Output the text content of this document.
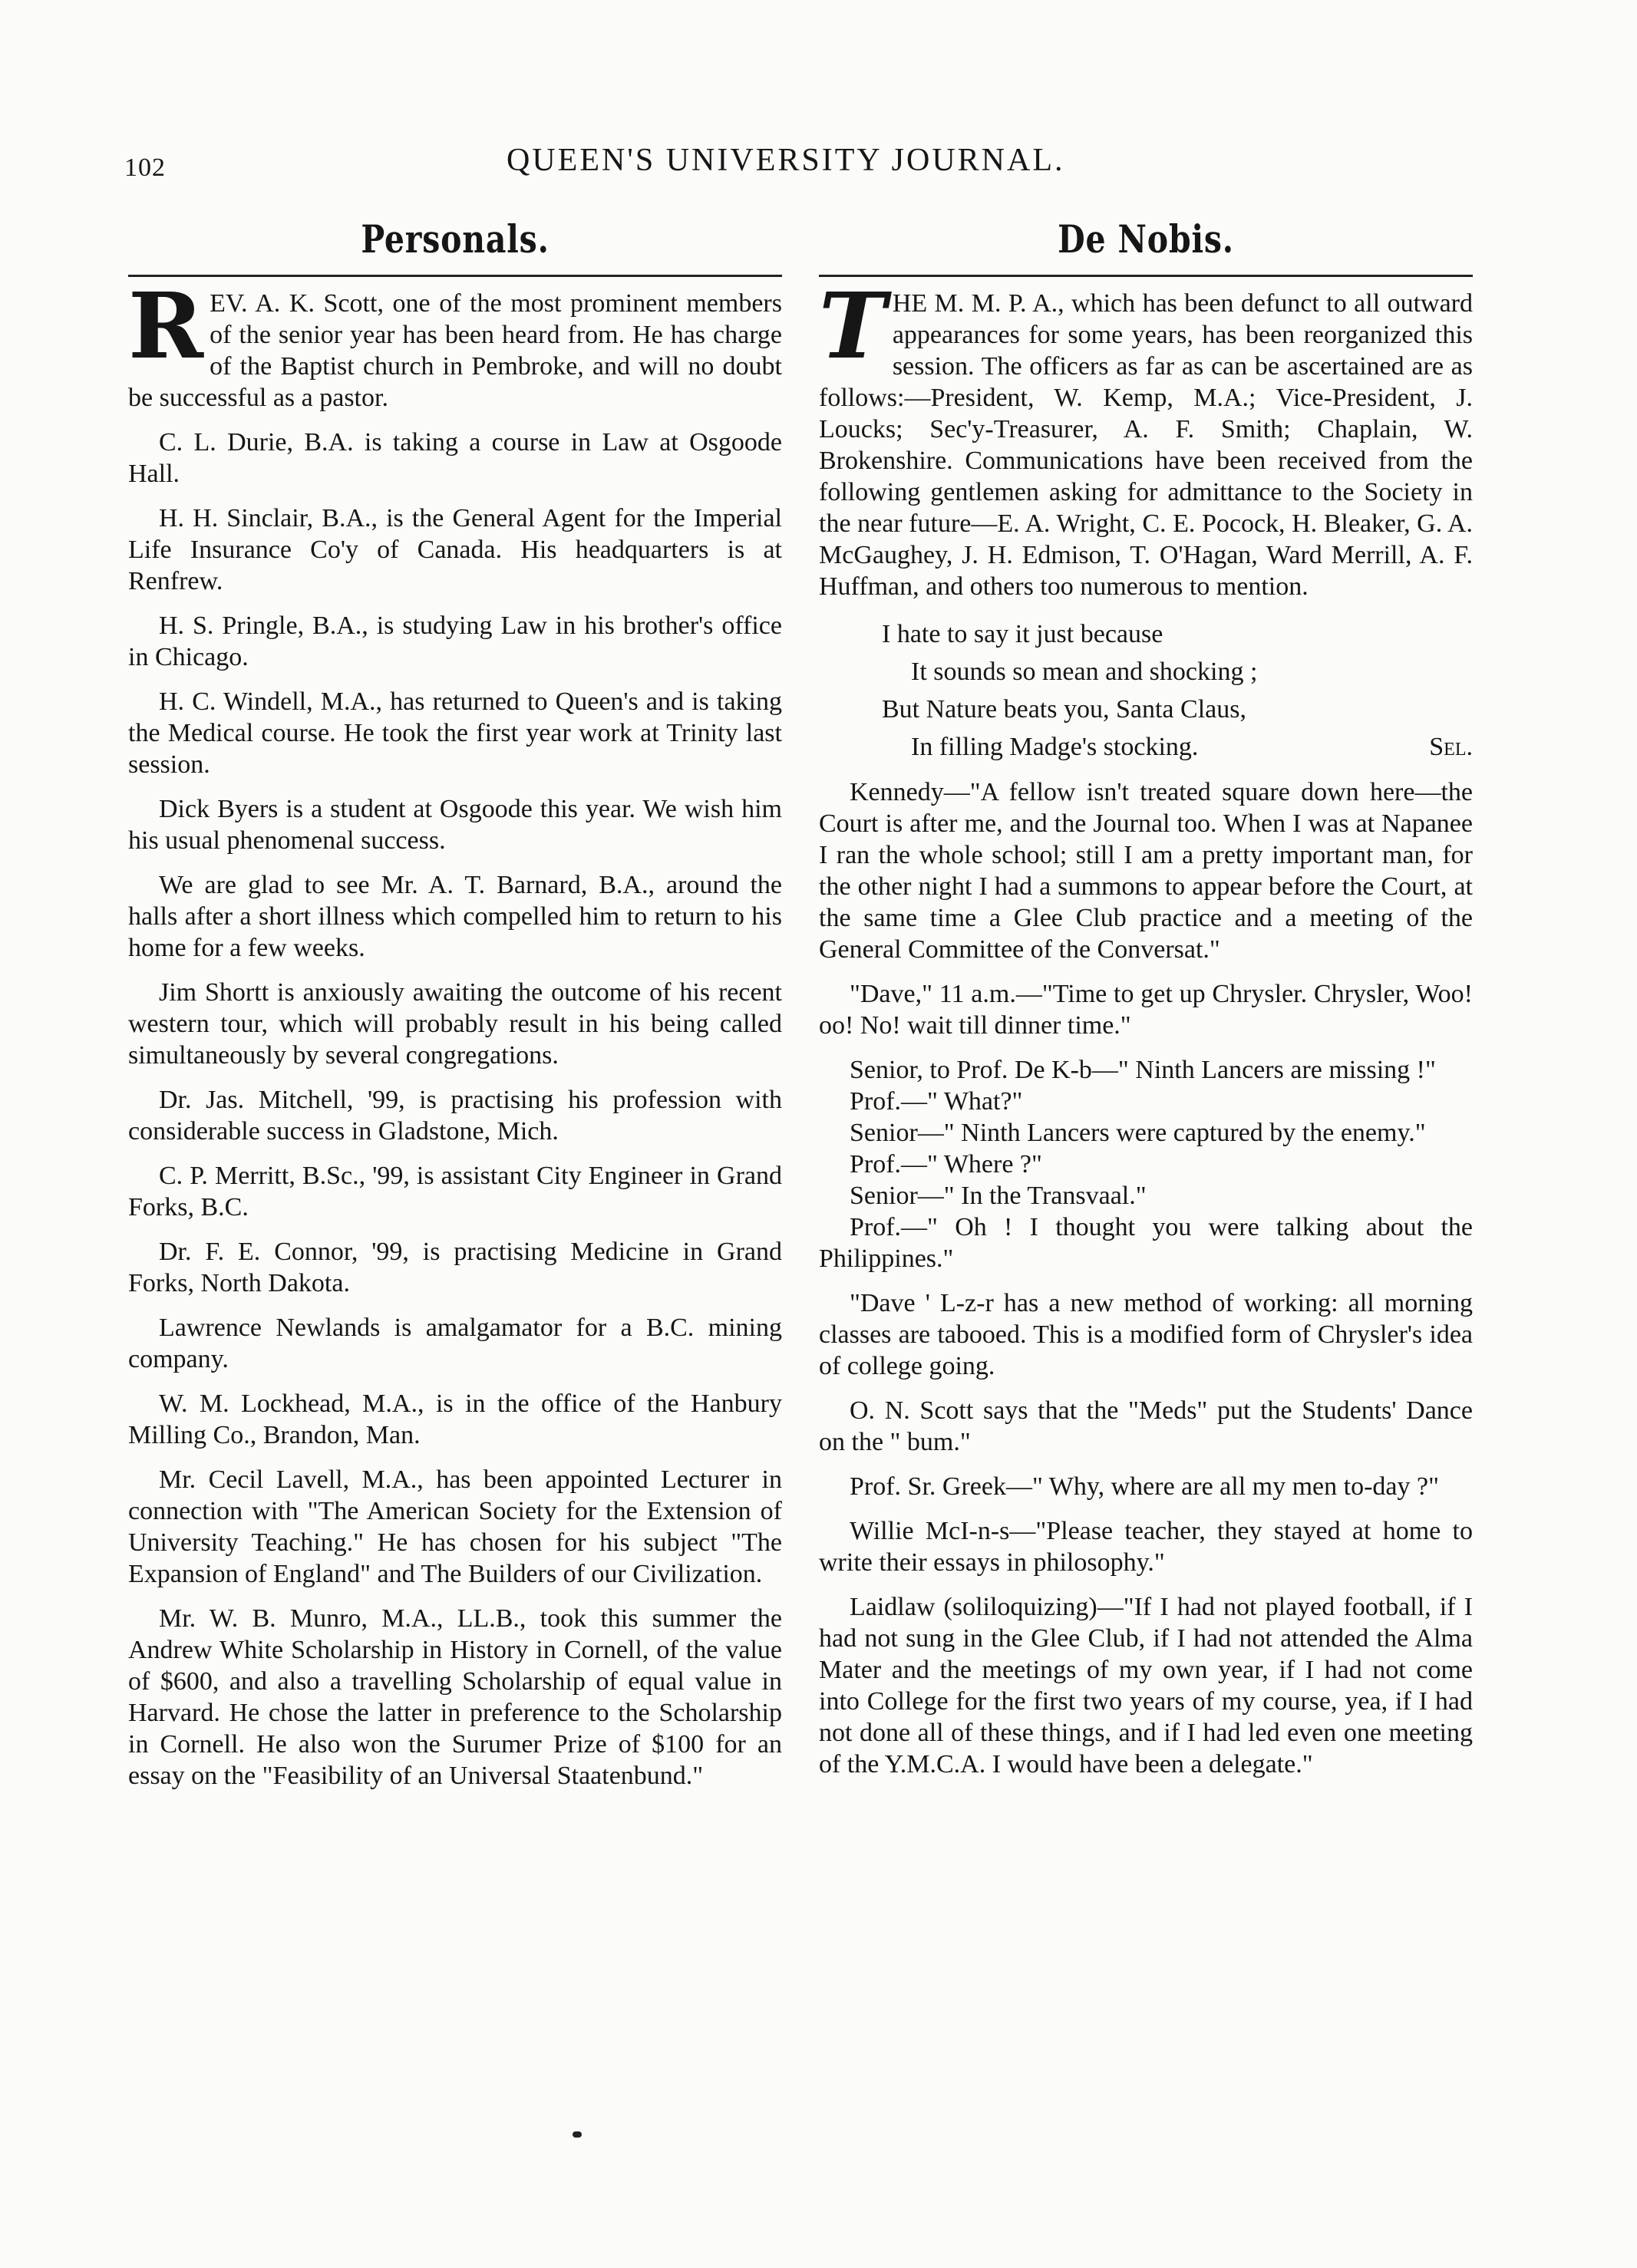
102	QUEEN'S UNIVERSITY JOURNAL.
Personals.

REV. A. K. Scott, one of the most prominent members of the senior year has been heard from. He has charge of the Baptist church in Pembroke, and will no doubt be successful as a pastor.

C. L. Durie, B.A. is taking a course in Law at Osgoode Hall.

H. H. Sinclair, B.A., is the General Agent for the Imperial Life Insurance Co'y of Canada. His headquarters is at Renfrew.

H. S. Pringle, B.A., is studying Law in his brother's office in Chicago.

H. C. Windell, M.A., has returned to Queen's and is taking the Medical course. He took the first year work at Trinity last session.

Dick Byers is a student at Osgoode this year. We wish him his usual phenomenal success.

We are glad to see Mr. A. T. Barnard, B.A., around the halls after a short illness which compelled him to return to his home for a few weeks.

Jim Shortt is anxiously awaiting the outcome of his recent western tour, which will probably result in his being called simultaneously by several congregations.

Dr. Jas. Mitchell, '99, is practising his profession with considerable success in Gladstone, Mich.

C. P. Merritt, B.Sc., '99, is assistant City Engineer in Grand Forks, B.C.

Dr. F. E. Connor, '99, is practising Medicine in Grand Forks, North Dakota.

Lawrence Newlands is amalgamator for a B.C. mining company.

W. M. Lockhead, M.A., is in the office of the Hanbury Milling Co., Brandon, Man.

Mr. Cecil Lavell, M.A., has been appointed Lecturer in connection with "The American Society for the Extension of University Teaching." He has chosen for his subject "The Expansion of England" and The Builders of our Civilization.

Mr. W. B. Munro, M.A., LL.B., took this summer the Andrew White Scholarship in History in Cornell, of the value of $600, and also a travelling Scholarship of equal value in Harvard. He chose the latter in preference to the Scholarship in Cornell. He also won the Surumer Prize of $100 for an essay on the "Feasibility of an Universal Staatenbund."

De Nobis.

THE M. M. P. A., which has been defunct to all outward appearances for some years, has been reorganized this session. The officers as far as can be ascertained are as follows:—President, W. Kemp, M.A.; Vice-President, J. Loucks; Sec'y-Treasurer, A. F. Smith; Chaplain, W. Brokenshire. Communications have been received from the following gentlemen asking for admittance to the Society in the near future—E. A. Wright, C. E. Pocock, H. Bleaker, G. A. McGaughey, J. H. Edmison, T. O'Hagan, Ward Merrill, A. F. Huffman, and others too numerous to mention.

I hate to say it just because
It sounds so mean and shocking ;
But Nature beats you, Santa Claus,
In filling Madge's stocking.	Sel.

Kennedy—"A fellow isn't treated square down here—the Court is after me, and the Journal too. When I was at Napanee I ran the whole school; still I am a pretty important man, for the other night I had a summons to appear before the Court, at the same time a Glee Club practice and a meeting of the General Committee of the Conversat."

"Dave," 11 a.m.—"Time to get up Chrysler. Chrysler, Woo! oo! No! wait till dinner time."

Senior, to Prof. De K-b—" Ninth Lancers are missing !"

Prof.—" What?"

Senior—" Ninth Lancers were captured by the enemy."

Prof.—" Where ?"

Senior—" In the Transvaal."

Prof.—" Oh ! I thought you were talking about the Philippines."

"Dave ' L-z-r has a new method of working: all morning classes are tabooed. This is a modified form of Chrysler's idea of college going.

O. N. Scott says that the "Meds" put the Students' Dance on the " bum."

Prof. Sr. Greek—" Why, where are all my men to-day ?"

Willie McI-n-s—"Please teacher, they stayed at home to write their essays in philosophy."

Laidlaw (soliloquizing)—"If I had not played football, if I had not sung in the Glee Club, if I had not attended the Alma Mater and the meetings of my own year, if I had not come into College for the first two years of my course, yea, if I had not done all of these things, and if I had led even one meeting of the Y.M.C.A. I would have been a delegate."
